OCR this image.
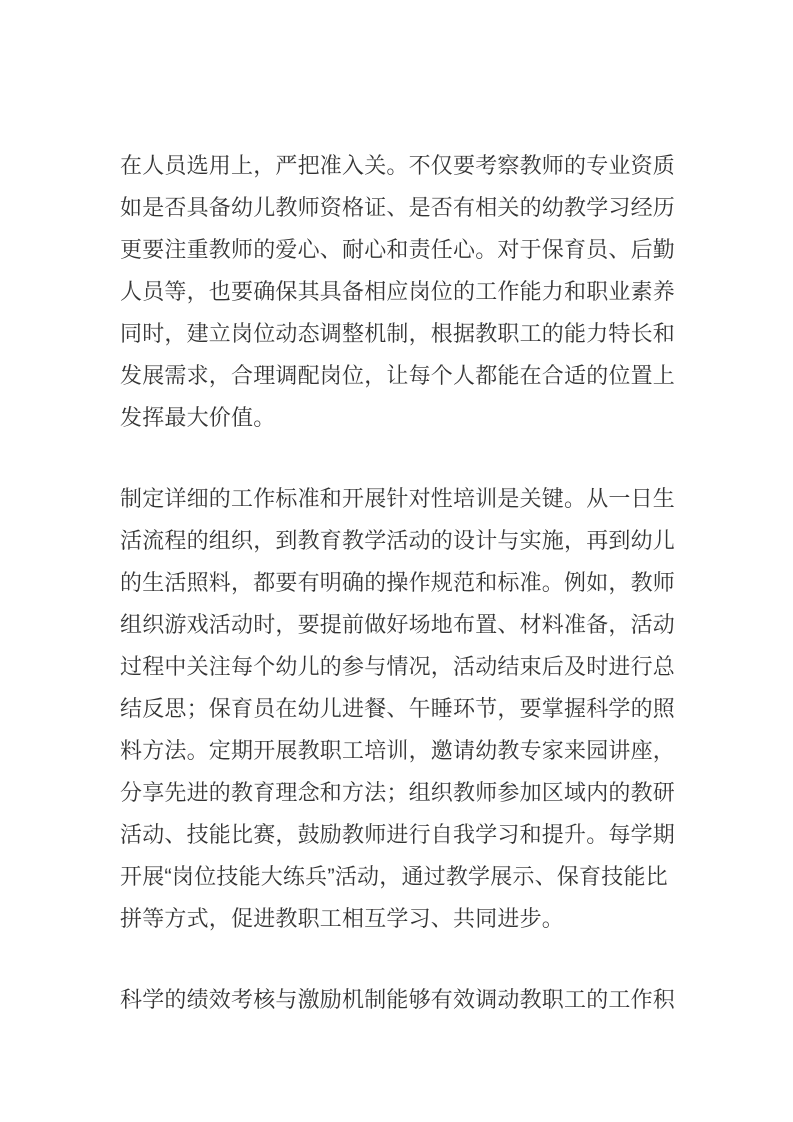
在人员选用上，严把准入关。不仅要考察教师的专业资质
如是否具备幼儿教师资格证、是否有相关的幼教学习经历
更要注重教师的爱心、耐心和责任心。对于保育员、后勤
人员等，也要确保其具备相应岗位的工作能力和职业素养
同时，建立岗位动态调整机制，根据教职工的能力特长和
发展需求，合理调配岗位，让每个人都能在合适的位置上
发挥最大价值。

制定详细的工作标准和开展针对性培训是关键。从一日生
活流程的组织，到教育教学活动的设计与实施，再到幼儿
的生活照料，都要有明确的操作规范和标准。例如，教师
组织游戏活动时，要提前做好场地布置、材料准备，活动
过程中关注每个幼儿的参与情况，活动结束后及时进行总
结反思；保育员在幼儿进餐、午睡环节，要掌握科学的照
料方法。定期开展教职工培训，邀请幼教专家来园讲座，
分享先进的教育理念和方法；组织教师参加区域内的教研
活动、技能比赛，鼓励教师进行自我学习和提升。每学期
开展“岗位技能大练兵”活动，通过教学展示、保育技能比
拼等方式，促进教职工相互学习、共同进步。

科学的绩效考核与激励机制能够有效调动教职工的工作积
